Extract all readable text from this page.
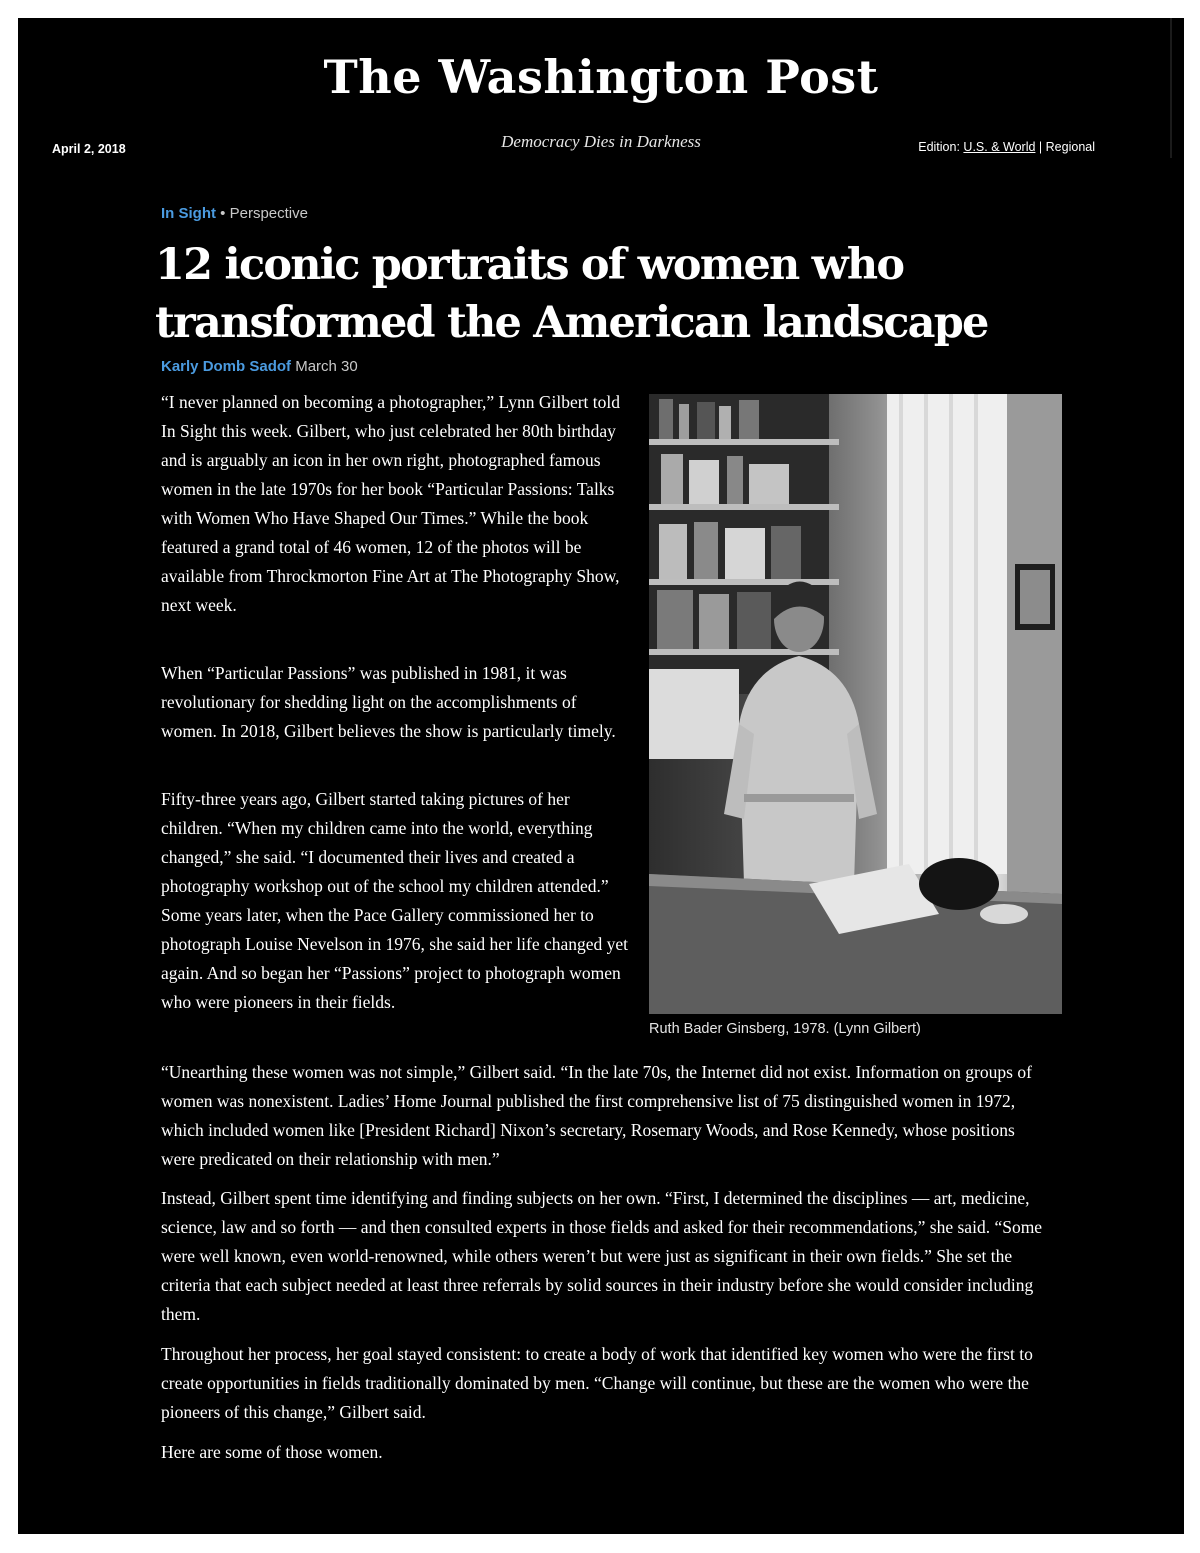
The Washington Post
Democracy Dies in Darkness
April 2, 2018	Edition: U.S. & World | Regional
In Sight • Perspective
12 iconic portraits of women who transformed the American landscape
Karly Domb Sadof March 30

“I never planned on becoming a photographer,” Lynn Gilbert told In Sight this week. Gilbert, who just celebrated her 80th birthday and is arguably an icon in her own right, photographed famous women in the late 1970s for her book “Particular Passions: Talks with Women Who Have Shaped Our Times.” While the book featured a grand total of 46 women, 12 of the photos will be available from Throckmorton Fine Art at The Photography Show, next week.

When “Particular Passions” was published in 1981, it was revolutionary for shedding light on the accomplishments of women. In 2018, Gilbert believes the show is particularly timely.

Fifty-three years ago, Gilbert started taking pictures of her children. “When my children came into the world, everything changed,” she said. “I documented their lives and created a photography workshop out of the school my children attended.” Some years later, when the Pace Gallery commissioned her to photograph Louise Nevelson in 1976, she said her life changed yet again. And so began her “Passions” project to photograph women who were pioneers in their fields.

Ruth Bader Ginsberg, 1978. (Lynn Gilbert)

“Unearthing these women was not simple,” Gilbert said. “In the late 70s, the Internet did not exist. Information on groups of women was nonexistent. Ladies’ Home Journal published the first comprehensive list of 75 distinguished women in 1972, which included women like [President Richard] Nixon’s secretary, Rosemary Woods, and Rose Kennedy, whose positions were predicated on their relationship with men.”

Instead, Gilbert spent time identifying and finding subjects on her own. “First, I determined the disciplines — art, medicine, science, law and so forth — and then consulted experts in those fields and asked for their recommendations,” she said. “Some were well known, even world-renowned, while others weren’t but were just as significant in their own fields.” She set the criteria that each subject needed at least three referrals by solid sources in their industry before she would consider including them.

Throughout her process, her goal stayed consistent: to create a body of work that identified key women who were the first to create opportunities in fields traditionally dominated by men. “Change will continue, but these are the women who were the pioneers of this change,” Gilbert said.

Here are some of those women.
